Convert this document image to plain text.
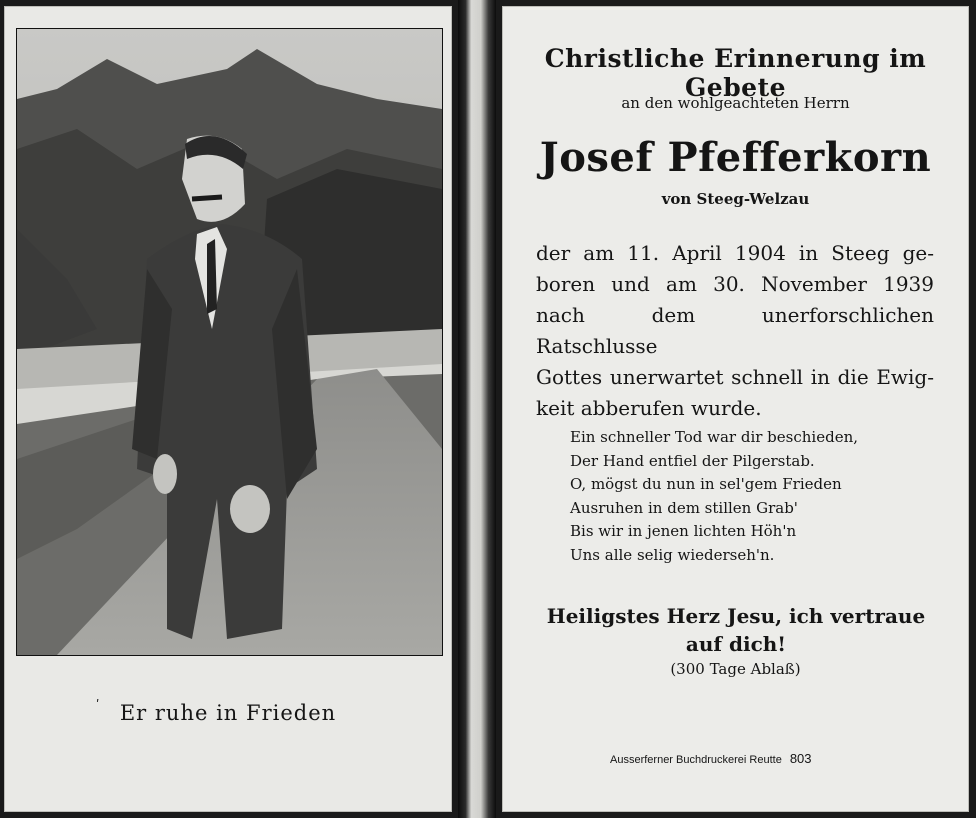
ʹ Er ruhe in Frieden
Christliche Erinnerung im Gebete
an den wohlgeachteten Herrn
Josef Pfefferkorn
von Steeg-Welzau
der am 11. April 1904 in Steeg ge-
boren und am 30. November 1939
nach dem unerforschlichen Ratschlusse
Gottes unerwartet schnell in die Ewig-
keit abberufen wurde.
Ein schneller Tod war dir beschieden,
Der Hand entfiel der Pilgerstab.
O, mögst du nun in sel'gem Frieden
Ausruhen in dem stillen Grab'
Bis wir in jenen lichten Höh'n
Uns alle selig wiederseh'n.
Heiligstes Herz Jesu, ich vertraue
auf dich!
(300 Tage Ablaß)
Ausserferner Buchdruckerei Reutte 803
